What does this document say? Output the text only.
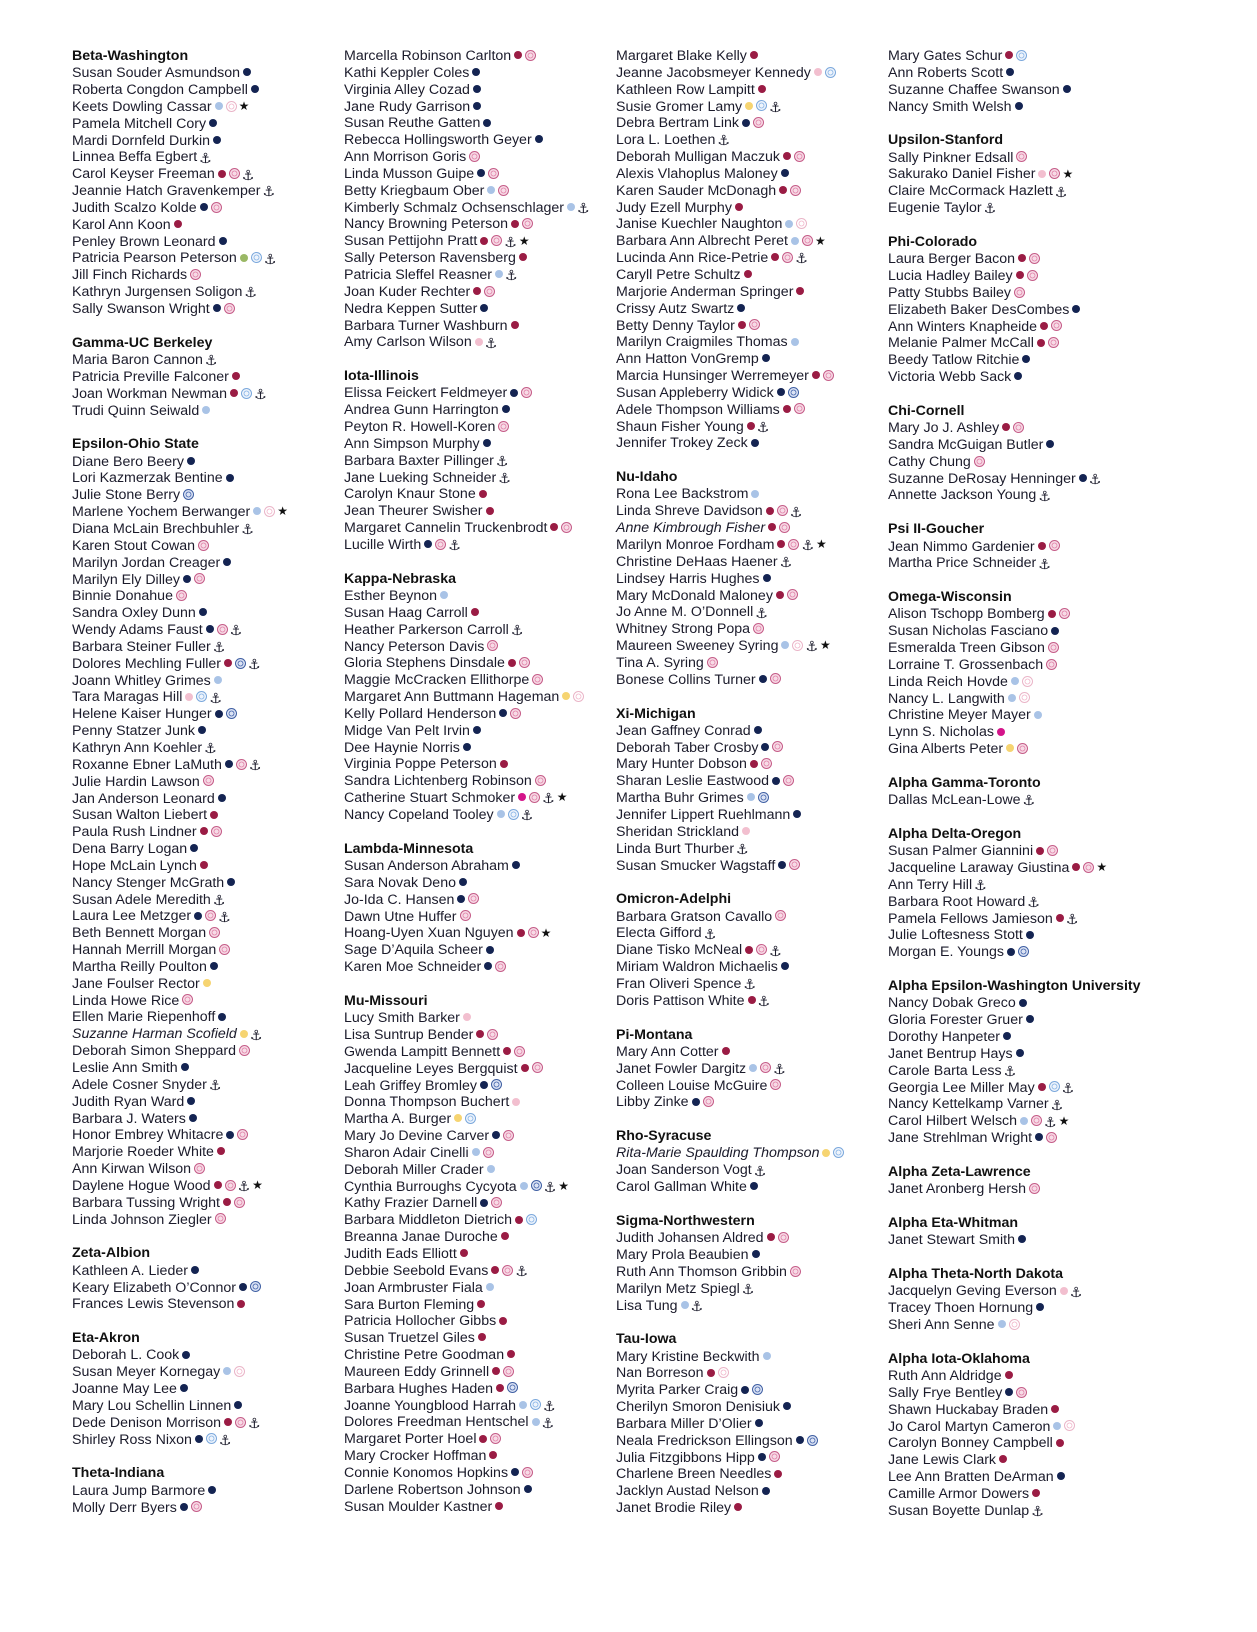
Beta-Washington
Susan Souder Asmundson
Roberta Congdon Campbell
Keets Dowling Cassar ★
Pamela Mitchell Cory
Mardi Dornfeld Durkin
Linnea Beffa Egbert ⚓︎
Carol Keyser Freeman ⚓︎
Jeannie Hatch Gravenkemper ⚓︎
Judith Scalzo Kolde
Karol Ann Koon
Penley Brown Leonard
Patricia Pearson Peterson ⚓︎
Jill Finch Richards
Kathryn Jurgensen Soligon ⚓︎
Sally Swanson Wright
Gamma-UC Berkeley
Maria Baron Cannon ⚓︎
Patricia Preville Falconer
Joan Workman Newman ⚓︎
Trudi Quinn Seiwald
Epsilon-Ohio State
Diane Bero Beery
Lori Kazmerzak Bentine
Julie Stone Berry
Marlene Yochem Berwanger ★
Diana McLain Brechbuhler ⚓︎
Karen Stout Cowan
Marilyn Jordan Creager
Marilyn Ely Dilley
Binnie Donahue
Sandra Oxley Dunn
Wendy Adams Faust ⚓︎
Barbara Steiner Fuller ⚓︎
Dolores Mechling Fuller ⚓︎
Joann Whitley Grimes
Tara Maragas Hill ⚓︎
Helene Kaiser Hunger
Penny Statzer Junk
Kathryn Ann Koehler ⚓︎
Roxanne Ebner LaMuth ⚓︎
Julie Hardin Lawson
Jan Anderson Leonard
Susan Walton Liebert
Paula Rush Lindner
Dena Barry Logan
Hope McLain Lynch
Nancy Stenger McGrath
Susan Adele Meredith ⚓︎
Laura Lee Metzger ⚓︎
Beth Bennett Morgan
Hannah Merrill Morgan
Martha Reilly Poulton
Jane Foulser Rector
Linda Howe Rice
Ellen Marie Riepenhoff
Suzanne Harman Scofield ⚓︎
Deborah Simon Sheppard
Leslie Ann Smith
Adele Cosner Snyder ⚓︎
Judith Ryan Ward
Barbara J. Waters
Honor Embrey Whitacre
Marjorie Roeder White
Ann Kirwan Wilson
Daylene Hogue Wood ⚓︎ ★
Barbara Tussing Wright
Linda Johnson Ziegler
Zeta-Albion
Kathleen A. Lieder
Keary Elizabeth O’Connor
Frances Lewis Stevenson
Eta-Akron
Deborah L. Cook
Susan Meyer Kornegay
Joanne May Lee
Mary Lou Schellin Linnen
Dede Denison Morrison ⚓︎
Shirley Ross Nixon ⚓︎
Theta-Indiana
Laura Jump Barmore
Molly Derr Byers
Marcella Robinson Carlton
Kathi Keppler Coles
Virginia Alley Cozad
Jane Rudy Garrison
Susan Reuthe Gatten
Rebecca Hollingsworth Geyer
Ann Morrison Goris
Linda Musson Guipe
Betty Kriegbaum Ober
Kimberly Schmalz Ochsenschlager ⚓︎
Nancy Browning Peterson
Susan Pettijohn Pratt ⚓︎ ★
Sally Peterson Ravensberg
Patricia Sleffel Reasner ⚓︎
Joan Kuder Rechter
Nedra Keppen Sutter
Barbara Turner Washburn
Amy Carlson Wilson ⚓︎
Iota-Illinois
Elissa Feickert Feldmeyer
Andrea Gunn Harrington
Peyton R. Howell-Koren
Ann Simpson Murphy
Barbara Baxter Pillinger ⚓︎
Jane Lueking Schneider ⚓︎
Carolyn Knaur Stone
Jean Theurer Swisher
Margaret Cannelin Truckenbrodt
Lucille Wirth ⚓︎
Kappa-Nebraska
Esther Beynon
Susan Haag Carroll
Heather Parkerson Carroll ⚓︎
Nancy Peterson Davis
Gloria Stephens Dinsdale
Maggie McCracken Ellithorpe
Margaret Ann Buttmann Hageman
Kelly Pollard Henderson
Midge Van Pelt Irvin
Dee Haynie Norris
Virginia Poppe Peterson
Sandra Lichtenberg Robinson
Catherine Stuart Schmoker ⚓︎ ★
Nancy Copeland Tooley ⚓︎
Lambda-Minnesota
Susan Anderson Abraham
Sara Novak Deno
Jo-Ida C. Hansen
Dawn Utne Huffer
Hoang-Uyen Xuan Nguyen ★
Sage D’Aquila Scheer
Karen Moe Schneider
Mu-Missouri
Lucy Smith Barker
Lisa Suntrup Bender
Gwenda Lampitt Bennett
Jacqueline Leyes Bergquist
Leah Griffey Bromley
Donna Thompson Buchert
Martha A. Burger
Mary Jo Devine Carver
Sharon Adair Cinelli
Deborah Miller Crader
Cynthia Burroughs Cycyota ⚓︎ ★
Kathy Frazier Darnell
Barbara Middleton Dietrich
Breanna Janae Duroche
Judith Eads Elliott
Debbie Seebold Evans ⚓︎
Joan Armbruster Fiala
Sara Burton Fleming
Patricia Hollocher Gibbs
Susan Truetzel Giles
Christine Petre Goodman
Maureen Eddy Grinnell
Barbara Hughes Haden
Joanne Youngblood Harrah ⚓︎
Dolores Freedman Hentschel ⚓︎
Margaret Porter Hoel
Mary Crocker Hoffman
Connie Konomos Hopkins
Darlene Robertson Johnson
Susan Moulder Kastner
Margaret Blake Kelly
Jeanne Jacobsmeyer Kennedy
Kathleen Row Lampitt
Susie Gromer Lamy ⚓︎
Debra Bertram Link
Lora L. Loethen ⚓︎
Deborah Mulligan Maczuk
Alexis Vlahoplus Maloney
Karen Sauder McDonagh
Judy Ezell Murphy
Janise Kuechler Naughton
Barbara Ann Albrecht Peret ★
Lucinda Ann Rice-Petrie ⚓︎
Caryll Petre Schultz
Marjorie Anderman Springer
Crissy Autz Swartz
Betty Denny Taylor
Marilyn Craigmiles Thomas
Ann Hatton VonGremp
Marcia Hunsinger Werremeyer
Susan Appleberry Widick
Adele Thompson Williams
Shaun Fisher Young ⚓︎
Jennifer Trokey Zeck
Nu-Idaho
Rona Lee Backstrom
Linda Shreve Davidson ⚓︎
Anne Kimbrough Fisher
Marilyn Monroe Fordham ⚓︎ ★
Christine DeHaas Haener ⚓︎
Lindsey Harris Hughes
Mary McDonald Maloney
Jo Anne M. O’Donnell ⚓︎
Whitney Strong Popa
Maureen Sweeney Syring ⚓︎ ★
Tina A. Syring
Bonese Collins Turner
Xi-Michigan
Jean Gaffney Conrad
Deborah Taber Crosby
Mary Hunter Dobson
Sharan Leslie Eastwood
Martha Buhr Grimes
Jennifer Lippert Ruehlmann
Sheridan Strickland
Linda Burt Thurber ⚓︎
Susan Smucker Wagstaff
Omicron-Adelphi
Barbara Gratson Cavallo
Electa Gifford ⚓︎
Diane Tisko McNeal ⚓︎
Miriam Waldron Michaelis
Fran Oliveri Spence ⚓︎
Doris Pattison White ⚓︎
Pi-Montana
Mary Ann Cotter
Janet Fowler Dargitz ⚓︎
Colleen Louise McGuire
Libby Zinke
Rho-Syracuse
Rita-Marie Spaulding Thompson
Joan Sanderson Vogt ⚓︎
Carol Gallman White
Sigma-Northwestern
Judith Johansen Aldred
Mary Prola Beaubien
Ruth Ann Thomson Gribbin
Marilyn Metz Spiegl ⚓︎
Lisa Tung ⚓︎
Tau-Iowa
Mary Kristine Beckwith
Nan Borreson
Myrita Parker Craig
Cherilyn Smoron Denisiuk
Barbara Miller D’Olier
Neala Fredrickson Ellingson
Julia Fitzgibbons Hipp
Charlene Breen Needles
Jacklyn Austad Nelson
Janet Brodie Riley
Mary Gates Schur
Ann Roberts Scott
Suzanne Chaffee Swanson
Nancy Smith Welsh
Upsilon-Stanford
Sally Pinkner Edsall
Sakurako Daniel Fisher ★
Claire McCormack Hazlett ⚓︎
Eugenie Taylor ⚓︎
Phi-Colorado
Laura Berger Bacon
Lucia Hadley Bailey
Patty Stubbs Bailey
Elizabeth Baker DesCombes
Ann Winters Knapheide
Melanie Palmer McCall
Beedy Tatlow Ritchie
Victoria Webb Sack
Chi-Cornell
Mary Jo J. Ashley
Sandra McGuigan Butler
Cathy Chung
Suzanne DeRosay Henninger ⚓︎
Annette Jackson Young ⚓︎
Psi II-Goucher
Jean Nimmo Gardenier
Martha Price Schneider ⚓︎
Omega-Wisconsin
Alison Tschopp Bomberg
Susan Nicholas Fasciano
Esmeralda Treen Gibson
Lorraine T. Grossenbach
Linda Reich Hovde
Nancy L. Langwith
Christine Meyer Mayer
Lynn S. Nicholas
Gina Alberts Peter
Alpha Gamma-Toronto
Dallas McLean-Lowe ⚓︎
Alpha Delta-Oregon
Susan Palmer Giannini
Jacqueline Laraway Giustina ★
Ann Terry Hill ⚓︎
Barbara Root Howard ⚓︎
Pamela Fellows Jamieson ⚓︎
Julie Loftesness Stott
Morgan E. Youngs
Alpha Epsilon-Washington University
Nancy Dobak Greco
Gloria Forester Gruer
Dorothy Hanpeter
Janet Bentrup Hays
Carole Barta Less ⚓︎
Georgia Lee Miller May ⚓︎
Nancy Kettelkamp Varner ⚓︎
Carol Hilbert Welsch ⚓︎ ★
Jane Strehlman Wright
Alpha Zeta-Lawrence
Janet Aronberg Hersh
Alpha Eta-Whitman
Janet Stewart Smith
Alpha Theta-North Dakota
Jacquelyn Geving Everson ⚓︎
Tracey Thoen Hornung
Sheri Ann Senne
Alpha Iota-Oklahoma
Ruth Ann Aldridge
Sally Frye Bentley
Shawn Huckabay Braden
Jo Carol Martyn Cameron
Carolyn Bonney Campbell
Jane Lewis Clark
Lee Ann Bratten DeArman
Camille Armor Dowers
Susan Boyette Dunlap ⚓︎
